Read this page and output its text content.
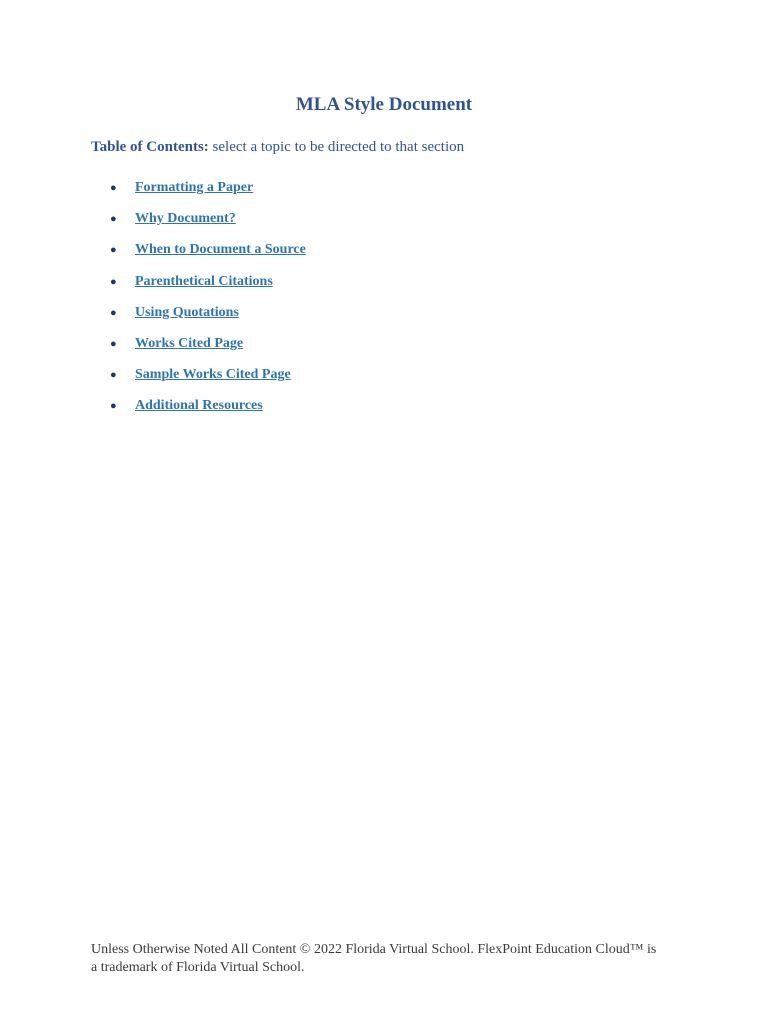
MLA Style Document
Table of Contents: select a topic to be directed to that section
●	Formatting a Paper
●	Why Document?
●	When to Document a Source
●	Parenthetical Citations
●	Using Quotations
●	Works Cited Page
●	Sample Works Cited Page
●	Additional Resources
Unless Otherwise Noted All Content © 2022 Florida Virtual School. FlexPoint Education Cloud™ is a trademark of Florida Virtual School.
